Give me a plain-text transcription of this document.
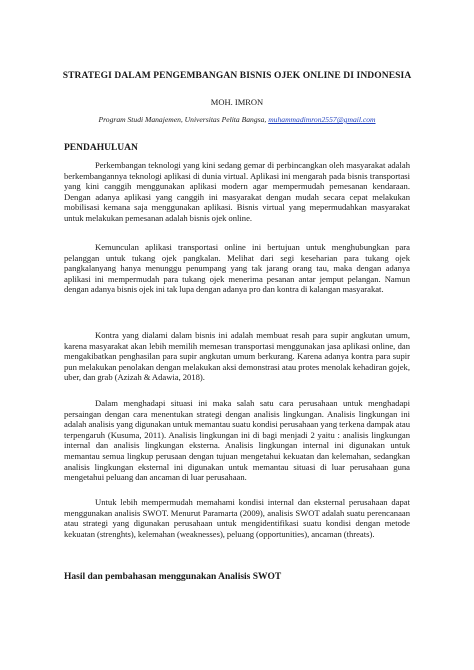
STRATEGI DALAM PENGEMBANGAN BISNIS OJEK ONLINE DI INDONESIA
MOH. IMRON
Program Studi Manajemen, Universitas Pelita Bangsa, muhammadimron2557@gmail.com
PENDAHULUAN

Perkembangan teknologi yang kini sedang gemar di perbincangkan oleh masyarakat adalah berkembangannya teknologi aplikasi di dunia virtual. Aplikasi ini mengarah pada bisnis transportasi yang kini canggih menggunakan aplikasi modern agar mempermudah pemesanan kendaraan. Dengan adanya aplikasi yang canggih ini masyarakat dengan mudah secara cepat melakukan mobilisasi kemana saja menggunakan aplikasi. Bisnis virtual yang mepermudahkan masyarakat untuk melakukan pemesanan adalah bisnis ojek online.

Kemunculan aplikasi transportasi online ini bertujuan untuk menghubungkan para pelanggan untuk tukang ojek pangkalan. Melihat dari segi keseharian para tukang ojek pangkalanyang hanya menunggu penumpang yang tak jarang orang tau, maka dengan adanya aplikasi ini mempermudah para tukang ojek menerima pesanan antar jemput pelangan. Namun dengan adanya bisnis ojek ini tak lupa dengan adanya pro dan kontra di kalangan masyarakat.

Kontra yang dialami dalam bisnis ini adalah membuat resah para supir angkutan umum, karena masyarakat akan lebih memilih memesan transportasi menggunakan jasa aplikasi online, dan mengakibatkan penghasilan para supir angkutan umum berkurang. Karena adanya kontra para supir pun melakukan penolakan dengan melakukan aksi demonstrasi atau protes menolak kehadiran gojek, uber, dan grab (Azizah & Adawia, 2018).

Dalam menghadapi situasi ini maka salah satu cara perusahaan untuk menghadapi persaingan dengan cara menentukan strategi dengan analisis lingkungan. Analisis lingkungan ini adalah analisis yang digunakan untuk memantau suatu kondisi perusahaan yang terkena dampak atau terpengaruh (Kusuma, 2011). Analisis lingkungan ini di bagi menjadi 2 yaitu : analisis lingkungan internal dan analisis lingkungan eksterna. Analisis lingkungan internal ini digunakan untuk memantau semua lingkup perusaan dengan tujuan mengetahui kekuatan dan kelemahan, sedangkan analisis lingkungan eksternal ini digunakan untuk memantau situasi di luar perusahaan guna mengetahui peluang dan ancaman di luar perusahaan.

Untuk lebih mempermudah memahami kondisi internal dan eksternal perusahaan dapat menggunakan analisis SWOT. Menurut Paramarta (2009), analisis SWOT adalah suatu perencanaan atau strategi yang digunakan perusahaan untuk mengidentifikasi suatu kondisi dengan metode kekuatan (strenghts), kelemahan (weaknesses), peluang (opportunities), ancaman (threats).

Hasil dan pembahasan menggunakan Analisis SWOT
